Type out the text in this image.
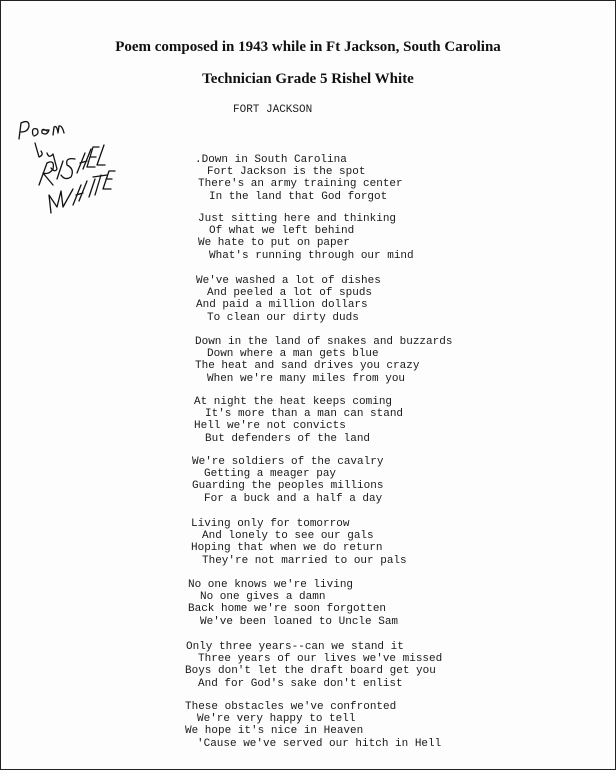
Poem composed in 1943 while in Ft Jackson, South Carolina
Technician Grade 5 Rishel White
FORT JACKSON
.Down in South Carolina
Fort Jackson is the spot
There's an army training center
In the land that God forgot
Just sitting here and thinking
Of what we left behind
We hate to put on paper
What's running through our mind
We've washed a lot of dishes
And peeled a lot of spuds
And paid a million dollars
To clean our dirty duds
Down in the land of snakes and buzzards
Down where a man gets blue
The heat and sand drives you crazy
When we're many miles from you
At night the heat keeps coming
It's more than a man can stand
Hell we're not convicts
But defenders of the land
We're soldiers of the cavalry
Getting a meager pay
Guarding the peoples millions
For a buck and a half a day
Living only for tomorrow
And lonely to see our gals
Hoping that when we do return
They're not married to our pals
No one knows we're living
No one gives a damn
Back home we're soon forgotten
We've been loaned to Uncle Sam
Only three years--can we stand it
Three years of our lives we've missed
Boys don't let the draft board get you
And for God's sake don't enlist
These obstacles we've confronted
We're very happy to tell
We hope it's nice in Heaven
'Cause we've served our hitch in Hell
